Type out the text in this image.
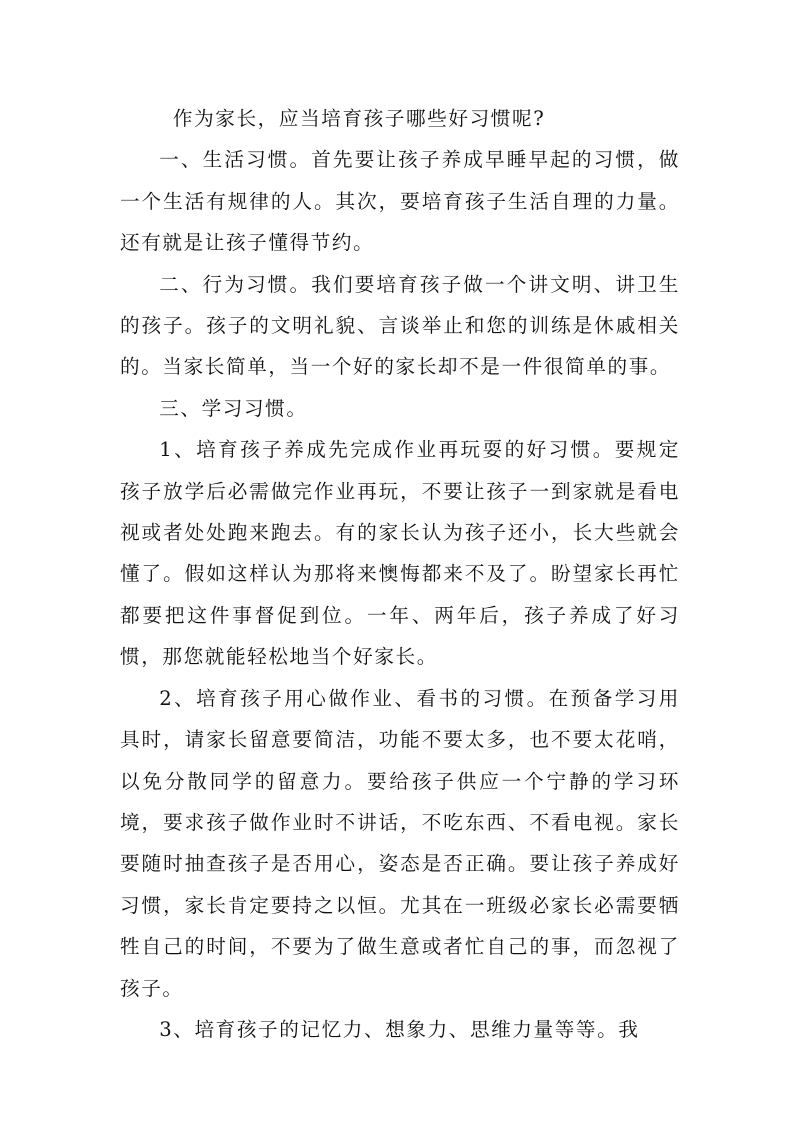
作为家长，应当培育孩子哪些好习惯呢?

一、生活习惯。首先要让孩子养成早睡早起的习惯，做一个生活有规律的人。其次，要培育孩子生活自理的力量。还有就是让孩子懂得节约。

二、行为习惯。我们要培育孩子做一个讲文明、讲卫生的孩子。孩子的文明礼貌、言谈举止和您的训练是休戚相关的。当家长简单，当一个好的家长却不是一件很简单的事。

三、学习习惯。

1、培育孩子养成先完成作业再玩耍的好习惯。要规定孩子放学后必需做完作业再玩，不要让孩子一到家就是看电视或者处处跑来跑去。有的家长认为孩子还小，长大些就会懂了。假如这样认为那将来懊悔都来不及了。盼望家长再忙都要把这件事督促到位。一年、两年后，孩子养成了好习惯，那您就能轻松地当个好家长。

2、培育孩子用心做作业、看书的习惯。在预备学习用具时，请家长留意要简洁，功能不要太多，也不要太花哨，以免分散同学的留意力。要给孩子供应一个宁静的学习环境，要求孩子做作业时不讲话，不吃东西、不看电视。家长要随时抽查孩子是否用心，姿态是否正确。要让孩子养成好习惯，家长肯定要持之以恒。尤其在一班级必家长必需要牺牲自己的时间，不要为了做生意或者忙自己的事，而忽视了孩子。

3、培育孩子的记忆力、想象力、思维力量等等。我
